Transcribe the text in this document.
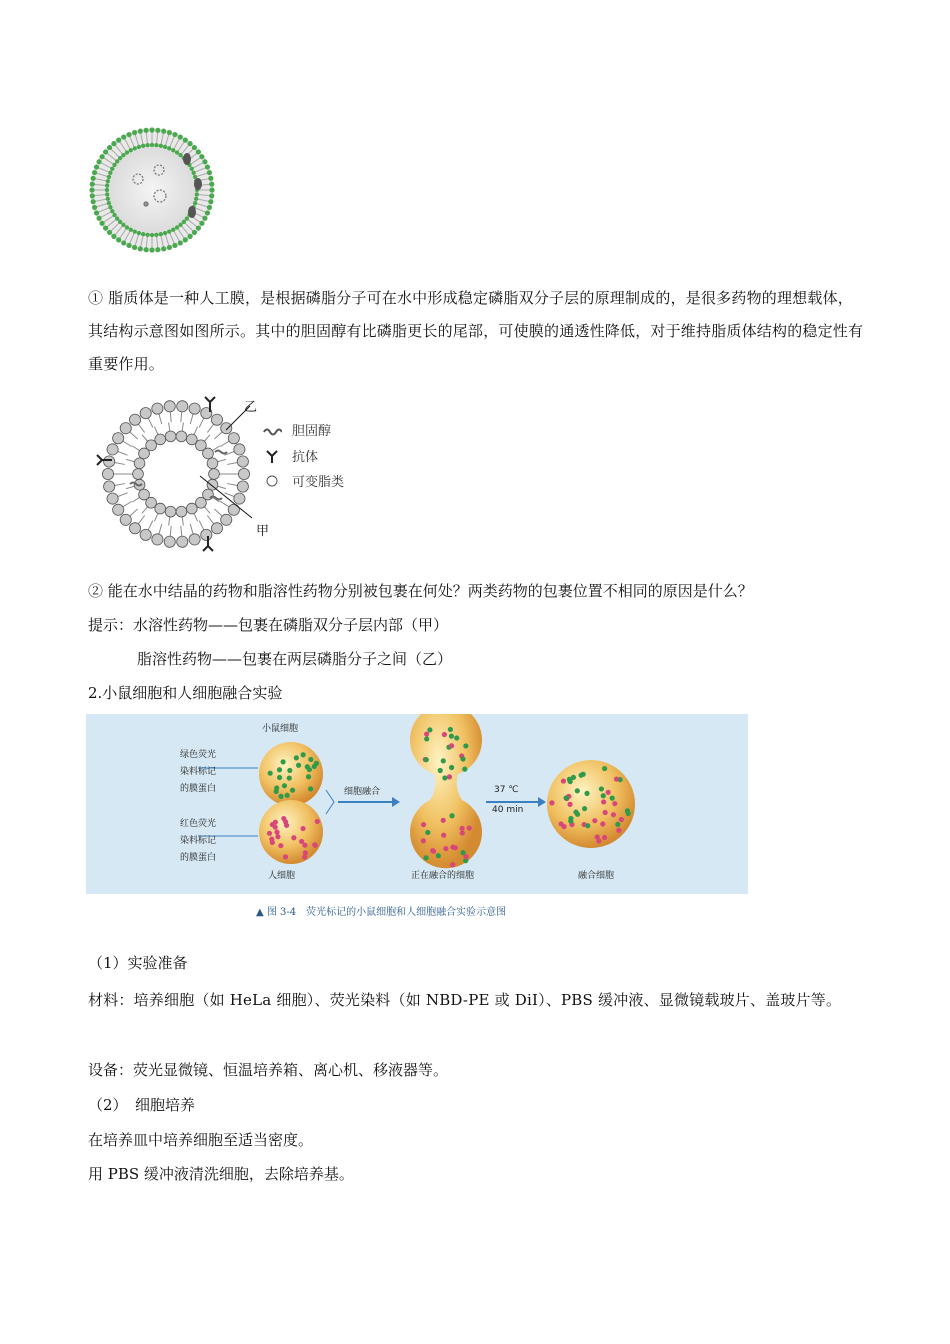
① 脂质体是一种人工膜，是根据磷脂分子可在水中形成稳定磷脂双分子层的原理制成的，是很多药物的理想载体，其结构示意图如图所示。其中的胆固醇有比磷脂更长的尾部，可使膜的通透性降低，对于维持脂质体结构的稳定性有重要作用。
乙
甲
胆固醇
抗体
可变脂类
② 能在水中结晶的药物和脂溶性药物分别被包裹在何处？两类药物的包裹位置不相同的原因是什么？
提示：水溶性药物——包裹在磷脂双分子层内部（甲）
脂溶性药物——包裹在两层磷脂分子之间（乙）
2.小鼠细胞和人细胞融合实验
小鼠细胞
绿色荧光
染料标记
的膜蛋白
红色荧光
染料标记
的膜蛋白
人细胞
细胞融合	37 ℃
40 min
正在融合的细胞	融合细胞
▲ 图 3-4　荧光标记的小鼠细胞和人细胞融合实验示意图
（1）实验准备
材料：培养细胞（如 HeLa 细胞）、荧光染料（如 NBD-PE 或 DiI）、PBS 缓冲液、显微镜载玻片、盖玻片等。
设备：荧光显微镜、恒温培养箱、离心机、移液器等。
（2）　细胞培养
在培养皿中培养细胞至适当密度。
用 PBS 缓冲液清洗细胞，去除培养基。
